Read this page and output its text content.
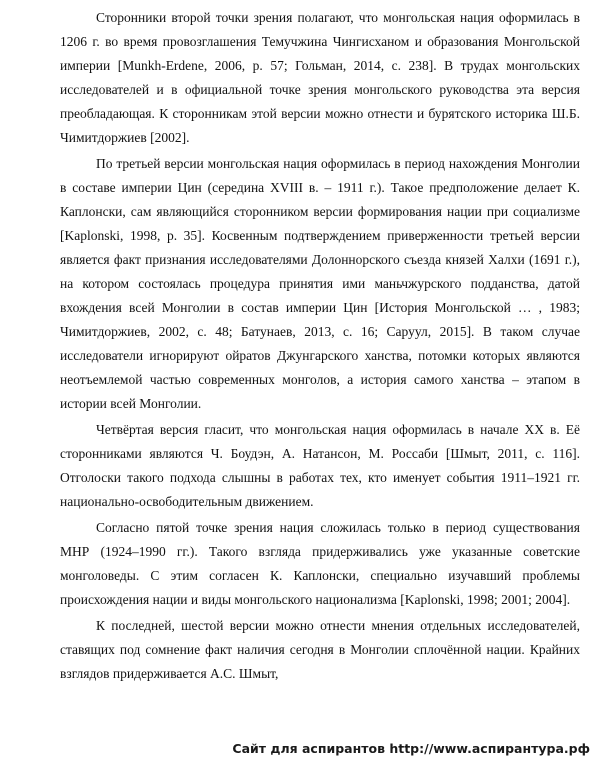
Сторонники второй точки зрения полагают, что монгольская нация оформилась в 1206 г. во время провозглашения Темучжина Чингисханом и образования Монгольской империи [Munkh-Erdene, 2006, p. 57; Гольман, 2014, с. 238]. В трудах монгольских исследователей и в официальной точке зрения монгольского руководства эта версия преобладающая. К сторонникам этой версии можно отнести и бурятского историка Ш.Б. Чимитдоржиев [2002].

По третьей версии монгольская нация оформилась в период нахождения Монголии в составе империи Цин (середина XVIII в. – 1911 г.). Такое предположение делает К. Каплонски, сам являющийся сторонником версии формирования нации при социализме [Kaplonski, 1998, p. 35]. Косвенным подтверждением приверженности третьей версии является факт признания исследователями Долоннорского съезда князей Халхи (1691 г.), на котором состоялась процедура принятия ими маньчжурского подданства, датой вхождения всей Монголии в состав империи Цин [История Монгольской … , 1983; Чимитдоржиев, 2002, с. 48; Батунаев, 2013, с. 16; Саруул, 2015]. В таком случае исследователи игнорируют ойратов Джунгарского ханства, потомки которых являются неотъемлемой частью современных монголов, а история самого ханства – этапом в истории всей Монголии.

Четвёртая версия гласит, что монгольская нация оформилась в начале XX в. Её сторонниками являются Ч. Боудэн, А. Натансон, М. Россаби [Шмыт, 2011, с. 116]. Отголоски такого подхода слышны в работах тех, кто именует события 1911–1921 гг. национально-освободительным движением.

Согласно пятой точке зрения нация сложилась только в период существования МНР (1924–1990 гг.). Такого взгляда придерживались уже указанные советские монголоведы. С этим согласен К. Каплонски, специально изучавший проблемы происхождения нации и виды монгольского национализма [Kaplonski, 1998; 2001; 2004].

К последней, шестой версии можно отнести мнения отдельных исследователей, ставящих под сомнение факт наличия сегодня в Монголии сплочённой нации. Крайних взглядов придерживается А.С. Шмыт,

Сайт для аспирантов http://www.аспирантура.рф
